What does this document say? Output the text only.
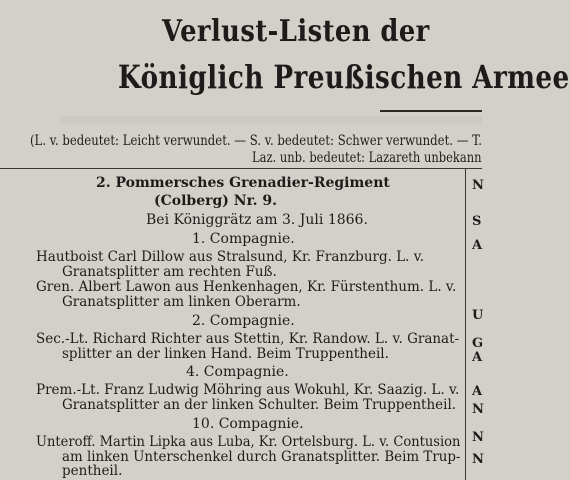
Verlust-Listen der
Königlich Preußischen Armee
(L. v. bedeutet: Leicht verwundet. — S. v. bedeutet: Schwer verwundet. — T.
Laz. unb. bedeutet: Lazareth unbekann
N
S
A
U
G
A
A
N
N
N
2. Pommersches Grenadier-Regiment
(Colberg) Nr. 9.
Bei Königgrätz am 3. Juli 1866.
1. Compagnie.
Hautboist Carl Dillow aus Stralsund, Kr. Franzburg. L. v.
Granatsplitter am rechten Fuß.
Gren. Albert Lawon aus Henkenhagen, Kr. Fürstenthum. L. v.
Granatsplitter am linken Oberarm.
2. Compagnie.
Sec.-Lt. Richard Richter aus Stettin, Kr. Randow. L. v. Granat-
splitter an der linken Hand. Beim Truppentheil.
4. Compagnie.
Prem.-Lt. Franz Ludwig Möhring aus Wokuhl, Kr. Saazig. L. v.
Granatsplitter an der linken Schulter. Beim Truppentheil.
10. Compagnie.
Unteroff. Martin Lipka aus Luba, Kr. Ortelsburg. L. v. Contusion
am linken Unterschenkel durch Granatsplitter. Beim Trup-
pentheil.
